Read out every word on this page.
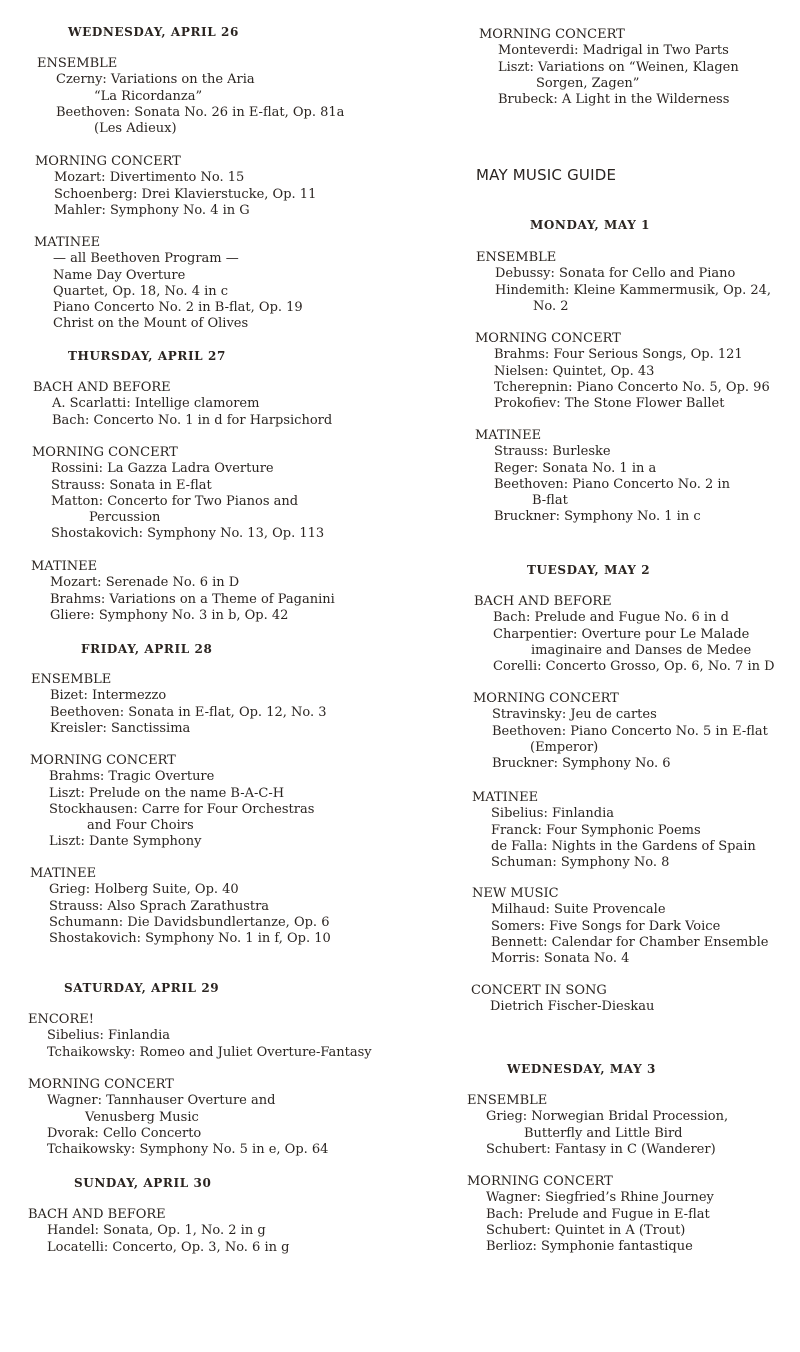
WEDNESDAY, APRIL 26
ENSEMBLE
Czerny: Variations on the Aria
“La Ricordanza”
Beethoven: Sonata No. 26 in E-flat, Op. 81a
(Les Adieux)
MORNING CONCERT
Mozart: Divertimento No. 15
Schoenberg: Drei Klavierstucke, Op. 11
Mahler: Symphony No. 4 in G
MATINEE
— all Beethoven Program —
Name Day Overture
Quartet, Op. 18, No. 4 in c
Piano Concerto No. 2 in B-flat, Op. 19
Christ on the Mount of Olives
THURSDAY, APRIL 27
BACH AND BEFORE
A. Scarlatti: Intellige clamorem
Bach: Concerto No. 1 in d for Harpsichord
MORNING CONCERT
Rossini: La Gazza Ladra Overture
Strauss: Sonata in E-flat
Matton: Concerto for Two Pianos and
Percussion
Shostakovich: Symphony No. 13, Op. 113
MATINEE
Mozart: Serenade No. 6 in D
Brahms: Variations on a Theme of Paganini
Gliere: Symphony No. 3 in b, Op. 42
FRIDAY, APRIL 28
ENSEMBLE
Bizet: Intermezzo
Beethoven: Sonata in E-flat, Op. 12, No. 3
Kreisler: Sanctissima
MORNING CONCERT
Brahms: Tragic Overture
Liszt: Prelude on the name B-A-C-H
Stockhausen: Carre for Four Orchestras
and Four Choirs
Liszt: Dante Symphony
MATINEE
Grieg: Holberg Suite, Op. 40
Strauss: Also Sprach Zarathustra
Schumann: Die Davidsbundlertanze, Op. 6
Shostakovich: Symphony No. 1 in f, Op. 10
SATURDAY, APRIL 29
ENCORE!
Sibelius: Finlandia
Tchaikowsky: Romeo and Juliet Overture-Fantasy
MORNING CONCERT
Wagner: Tannhauser Overture and
Venusberg Music
Dvorak: Cello Concerto
Tchaikowsky: Symphony No. 5 in e, Op. 64
SUNDAY, APRIL 30
BACH AND BEFORE
Handel: Sonata, Op. 1, No. 2 in g
Locatelli: Concerto, Op. 3, No. 6 in g
MORNING CONCERT
Monteverdi: Madrigal in Two Parts
Liszt: Variations on “Weinen, Klagen
Sorgen, Zagen”
Brubeck: A Light in the Wilderness
MAY MUSIC GUIDE
MONDAY, MAY 1
ENSEMBLE
Debussy: Sonata for Cello and Piano
Hindemith: Kleine Kammermusik, Op. 24,
No. 2
MORNING CONCERT
Brahms: Four Serious Songs, Op. 121
Nielsen: Quintet, Op. 43
Tcherepnin: Piano Concerto No. 5, Op. 96
Prokofiev: The Stone Flower Ballet
MATINEE
Strauss: Burleske
Reger: Sonata No. 1 in a
Beethoven: Piano Concerto No. 2 in
B-flat
Bruckner: Symphony No. 1 in c
TUESDAY, MAY 2
BACH AND BEFORE
Bach: Prelude and Fugue No. 6 in d
Charpentier: Overture pour Le Malade
imaginaire and Danses de Medee
Corelli: Concerto Grosso, Op. 6, No. 7 in D
MORNING CONCERT
Stravinsky: Jeu de cartes
Beethoven: Piano Concerto No. 5 in E-flat
(Emperor)
Bruckner: Symphony No. 6
MATINEE
Sibelius: Finlandia
Franck: Four Symphonic Poems
de Falla: Nights in the Gardens of Spain
Schuman: Symphony No. 8
NEW MUSIC
Milhaud: Suite Provencale
Somers: Five Songs for Dark Voice
Bennett: Calendar for Chamber Ensemble
Morris: Sonata No. 4
CONCERT IN SONG
Dietrich Fischer-Dieskau
WEDNESDAY, MAY 3
ENSEMBLE
Grieg: Norwegian Bridal Procession,
Butterfly and Little Bird
Schubert: Fantasy in C (Wanderer)
MORNING CONCERT
Wagner: Siegfried’s Rhine Journey
Bach: Prelude and Fugue in E-flat
Schubert: Quintet in A (Trout)
Berlioz: Symphonie fantastique
